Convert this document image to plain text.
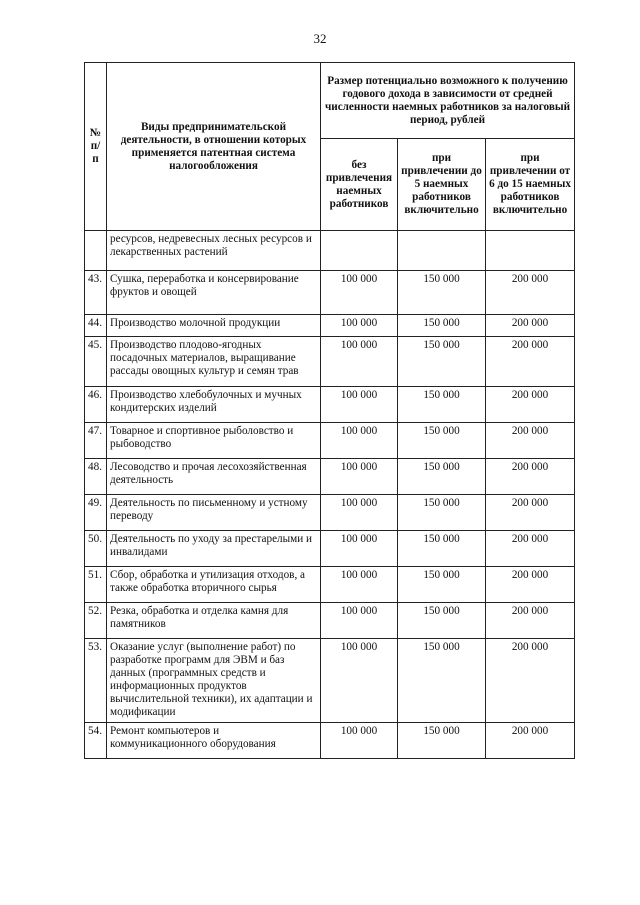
32
№ п/п	Виды предпринимательской деятельности, в отношении которых применяется патентная система налогообложения	Размер потенциально возможного к получению годового дохода в зависимости от средней численности наемных работников за налоговый период, рублей		
		без привлечения наемных работников	при привлечении до 5 наемных работников включительно	при привлечении от 6 до 15 наемных работников включительно
	ресурсов, недревесных лесных ресурсов и лекарственных растений			
43.	Сушка, переработка и консервирование фруктов и овощей	100 000	150 000	200 000
44.	Производство молочной продукции	100 000	150 000	200 000
45.	Производство плодово-ягодных посадочных материалов, выращивание рассады овощных культур и семян трав	100 000	150 000	200 000
46.	Производство хлебобулочных и мучных кондитерских изделий	100 000	150 000	200 000
47.	Товарное и спортивное рыболовство и рыбоводство	100 000	150 000	200 000
48.	Лесоводство и прочая лесохозяйственная деятельность	100 000	150 000	200 000
49.	Деятельность по письменному и устному переводу	100 000	150 000	200 000
50.	Деятельность по уходу за престарелыми и инвалидами	100 000	150 000	200 000
51.	Сбор, обработка и утилизация отходов, а также обработка вторичного сырья	100 000	150 000	200 000
52.	Резка, обработка и отделка камня для памятников	100 000	150 000	200 000
53.	Оказание услуг (выполнение работ) по разработке программ для ЭВМ и баз данных (программных средств и информационных продуктов вычислительной техники), их адаптации и модификации	100 000	150 000	200 000
54.	Ремонт компьютеров и коммуникационного оборудования	100 000	150 000	200 000
